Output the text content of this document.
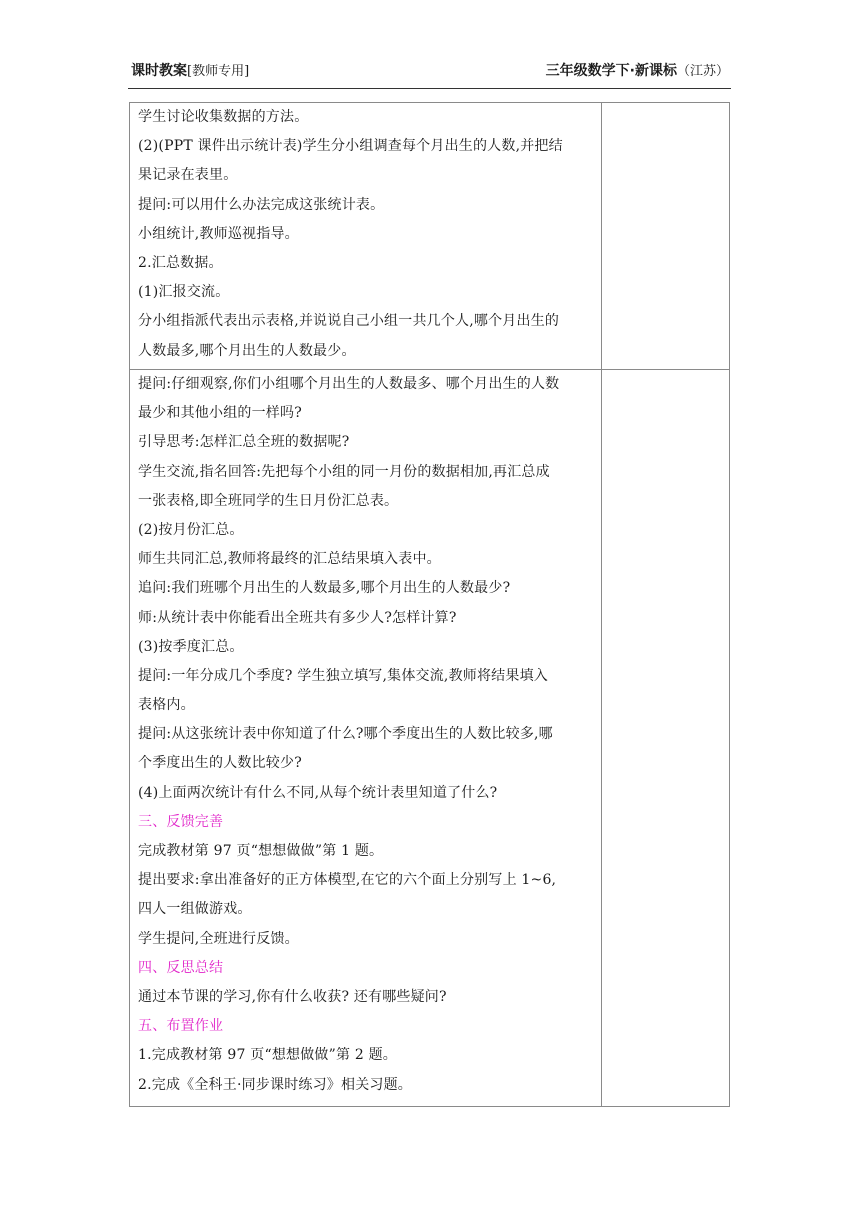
课时教案[教师专用]	三年级数学下·新课标（江苏）
学生讨论收集数据的方法。
(2)(PPT 课件出示统计表)学生分小组调查每个月出生的人数,并把结
果记录在表里。
提问:可以用什么办法完成这张统计表。
小组统计,教师巡视指导。
2.汇总数据。
(1)汇报交流。
分小组指派代表出示表格,并说说自己小组一共几个人,哪个月出生的
人数最多,哪个月出生的人数最少。
提问:仔细观察,你们小组哪个月出生的人数最多、哪个月出生的人数
最少和其他小组的一样吗?
引导思考:怎样汇总全班的数据呢?
学生交流,指名回答:先把每个小组的同一月份的数据相加,再汇总成
一张表格,即全班同学的生日月份汇总表。
(2)按月份汇总。
师生共同汇总,教师将最终的汇总结果填入表中。
追问:我们班哪个月出生的人数最多,哪个月出生的人数最少?
师:从统计表中你能看出全班共有多少人?怎样计算?
(3)按季度汇总。
提问:一年分成几个季度? 学生独立填写,集体交流,教师将结果填入
表格内。
提问:从这张统计表中你知道了什么?哪个季度出生的人数比较多,哪
个季度出生的人数比较少?
(4)上面两次统计有什么不同,从每个统计表里知道了什么?
三、反馈完善
完成教材第 97 页“想想做做”第 1 题。
提出要求:拿出准备好的正方体模型,在它的六个面上分别写上 1~6,
四人一组做游戏。
学生提问,全班进行反馈。
四、反思总结
通过本节课的学习,你有什么收获? 还有哪些疑问?
五、布置作业
1.完成教材第 97 页“想想做做”第 2 题。
2.完成《全科王·同步课时练习》相关习题。
